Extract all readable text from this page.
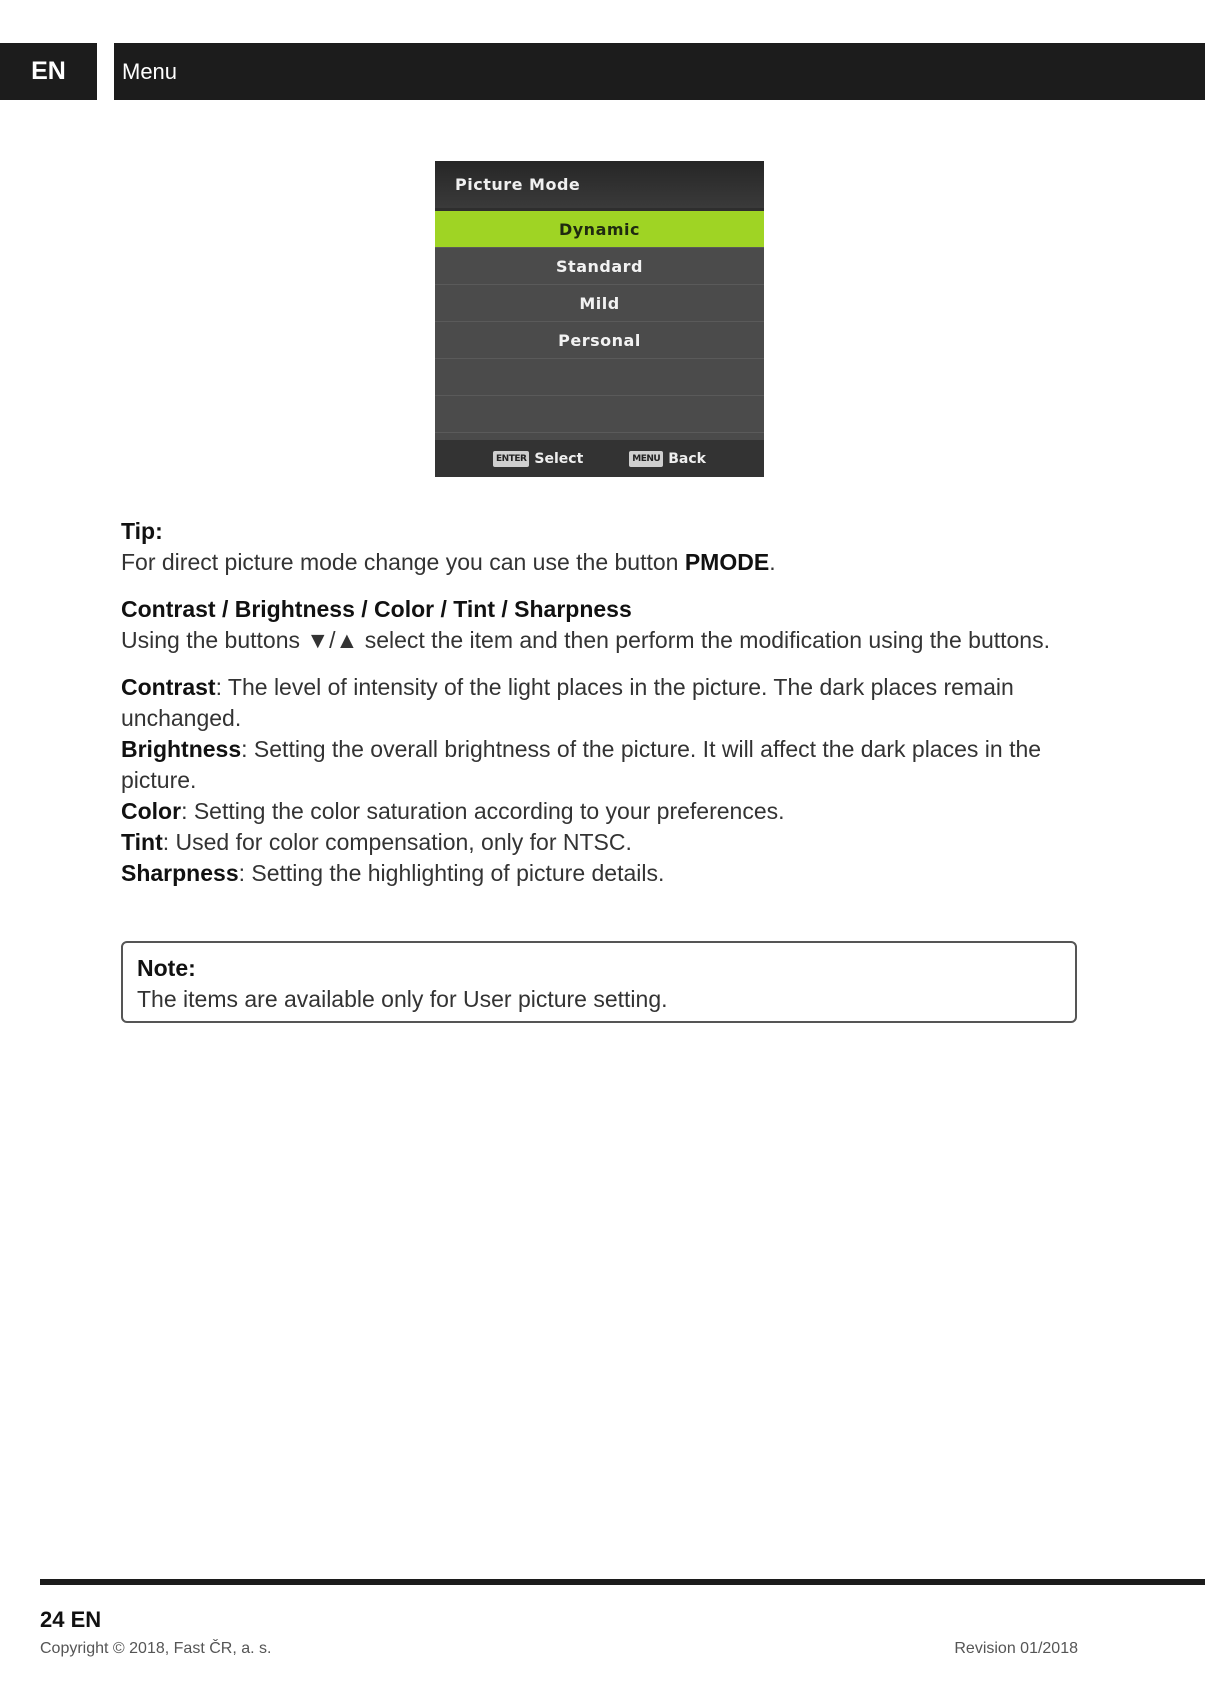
EN	Menu
Picture Mode
Dynamic
Standard
Mild
Personal
ENTER Select	MENU Back

Tip:

For direct picture mode change you can use the button PMODE.

Contrast / Brightness / Color / Tint / Sharpness

Using the buttons ▼/▲ select the item and then perform the modification using the buttons.

Contrast: The level of intensity of the light places in the picture. The dark places remain unchanged.

Brightness: Setting the overall brightness of the picture. It will affect the dark places in the picture.

Color: Setting the color saturation according to your preferences.

Tint: Used for color compensation, only for NTSC.

Sharpness: Setting the highlighting of picture details.

Note:

The items are available only for User picture setting.

24 EN
Copyright © 2018, Fast ČR, a. s.	Revision 01/2018
